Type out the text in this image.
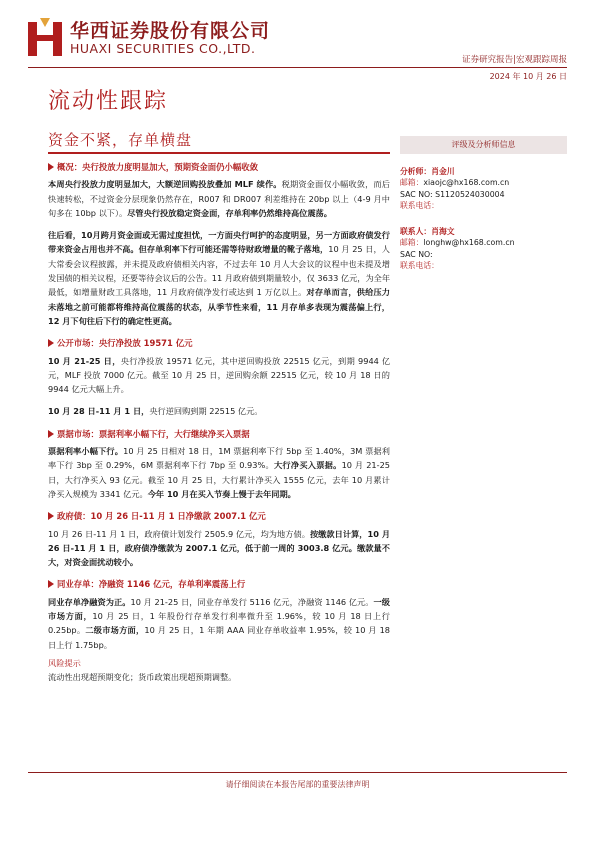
华西证券股份有限公司
HUAXI SECURITIES CO.,LTD.
证券研究报告|宏观跟踪周报
2024 年 10 月 26 日
流动性跟踪
资金不紧，存单横盘
概况：央行投放力度明显加大，预期资金面仍小幅收敛

本周央行投放力度明显加大，大额逆回购投放叠加 MLF 续作。税期资金面仅小幅收敛，而后快速转松，不过资金分层现象仍然存在，R007 和 DR007 利差维持在 20bp 以上（4-9 月中旬多在 10bp 以下）。尽管央行投放稳定资金面，存单利率仍然维持高位震荡。

往后看，10月跨月资金面或无需过度担忧，一方面央行呵护的态度明显，另一方面政府债发行带来资金占用也并不高。但存单利率下行可能还需等待财政增量的靴子落地，10 月 25 日，人大常委会议程披露，并未提及政府债相关内容，不过去年 10 月人大会议的议程中也未提及增发国债的相关议程，还要等待会议后的公告。11 月政府债到期量较小，仅 3633 亿元，为全年最低，如增量财政工具落地，11 月政府债净发行或达到 1 万亿以上。对存单而言，供给压力未落地之前可能都将维持高位震荡的状态，从季节性来看，11 月存单多表现为震荡偏上行，12 月下旬往后下行的确定性更高。

公开市场：央行净投放 19571 亿元

10 月 21-25 日，央行净投放 19571 亿元，其中逆回购投放 22515 亿元，到期 9944 亿元，MLF 投放 7000 亿元。截至 10 月 25 日，逆回购余额 22515 亿元，较 10 月 18 日的 9944 亿元大幅上升。

10 月 28 日-11 月 1 日，央行逆回购到期 22515 亿元。

票据市场：票据利率小幅下行，大行继续净买入票据

票据利率小幅下行。10 月 25 日相对 18 日，1M 票据利率下行 5bp 至 1.40%，3M 票据利率下行 3bp 至 0.29%，6M 票据利率下行 7bp 至 0.93%。大行净买入票据。10 月 21-25 日，大行净买入 93 亿元。截至 10 月 25 日，大行累计净买入 1555 亿元，去年 10 月累计净买入规模为 3341 亿元。今年 10 月在买入节奏上慢于去年同期。

政府债：10 月 26 日-11 月 1 日净缴款 2007.1 亿元

10 月 26 日-11 月 1 日，政府债计划发行 2505.9 亿元，均为地方债。按缴款日计算，10 月 26 日-11 月 1 日，政府债净缴款为 2007.1 亿元，低于前一周的 3003.8 亿元。缴款量不大，对资金面扰动较小。

同业存单：净融资 1146 亿元，存单利率震荡上行

同业存单净融资为正。10 月 21-25 日，同业存单发行 5116 亿元，净融资 1146 亿元。一级市场方面，10 月 25 日，1 年股份行存单发行利率微升至 1.96%，较 10 月 18 日上行 0.25bp。二级市场方面，10 月 25 日，1 年期 AAA 同业存单收益率 1.95%，较 10 月 18 日上行 1.75bp。

风险提示

流动性出现超预期变化；货币政策出现超预期调整。

评级及分析师信息
分析师：肖金川
邮箱：xiaojc@hx168.com.cn
SAC NO: S1120524030004
联系电话：
联系人：肖海文
邮箱：longhw@hx168.com.cn
SAC NO:
联系电话：
请仔细阅读在本报告尾部的重要法律声明
